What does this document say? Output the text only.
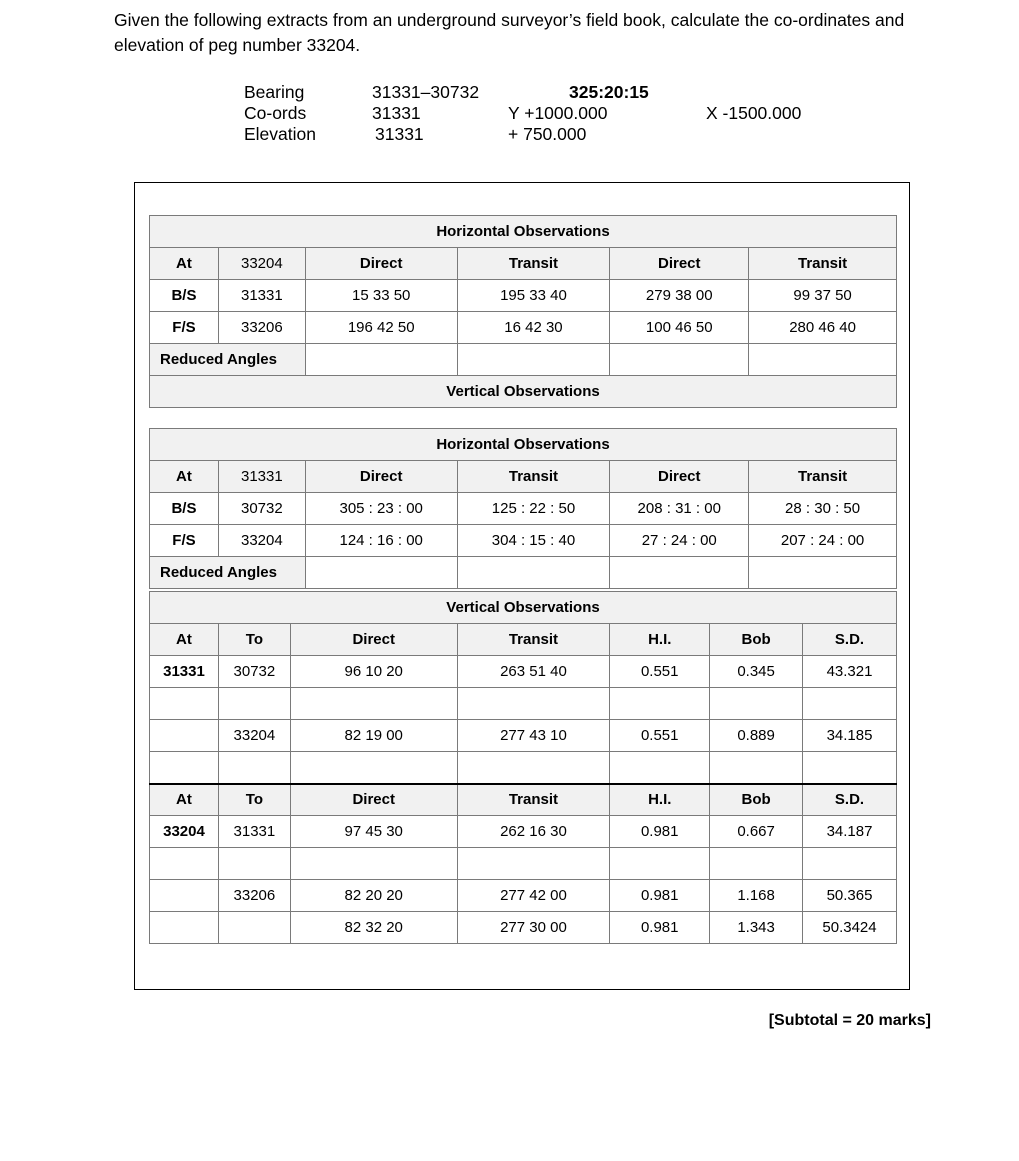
Given the following extracts from an underground surveyor’s field book, calculate the co-ordinates and elevation of peg number 33204.

Bearing	31331–30732	325:20:15
Co-ords	31331	Y +1000.000	X -1500.000
Elevation	31331	+ 750.000
Horizontal Observations					
At	33204	Direct	Transit	Direct	Transit
B/S	31331	15 33 50	195 33 40	279 38 00	99 37 50
F/S	33206	196 42 50	16 42 30	100 46 50	280 46 40
Reduced Angles					
Vertical Observations					
Horizontal Observations					
At	31331	Direct	Transit	Direct	Transit
B/S	30732	305 : 23 : 00	125 : 22 : 50	208 : 31 : 00	28 : 30 : 50
F/S	33204	124 : 16 : 00	304 : 15 : 40	27 : 24 : 00	207 : 24 : 00
Reduced Angles					
Vertical Observations						
At	To	Direct	Transit	H.I.	Bob	S.D.
31331	30732	96 10 20	263 51 40	0.551	0.345	43.321

	33204	82 19 00	277 43 10	0.551	0.889	34.185

At	To	Direct	Transit	H.I.	Bob	S.D.
33204	31331	97 45 30	262 16 30	0.981	0.667	34.187

	33206	82 20 20	277 42 00	0.981	1.168	50.365
		82 32 20	277 30 00	0.981	1.343	50.3424
[Subtotal = 20 marks]
